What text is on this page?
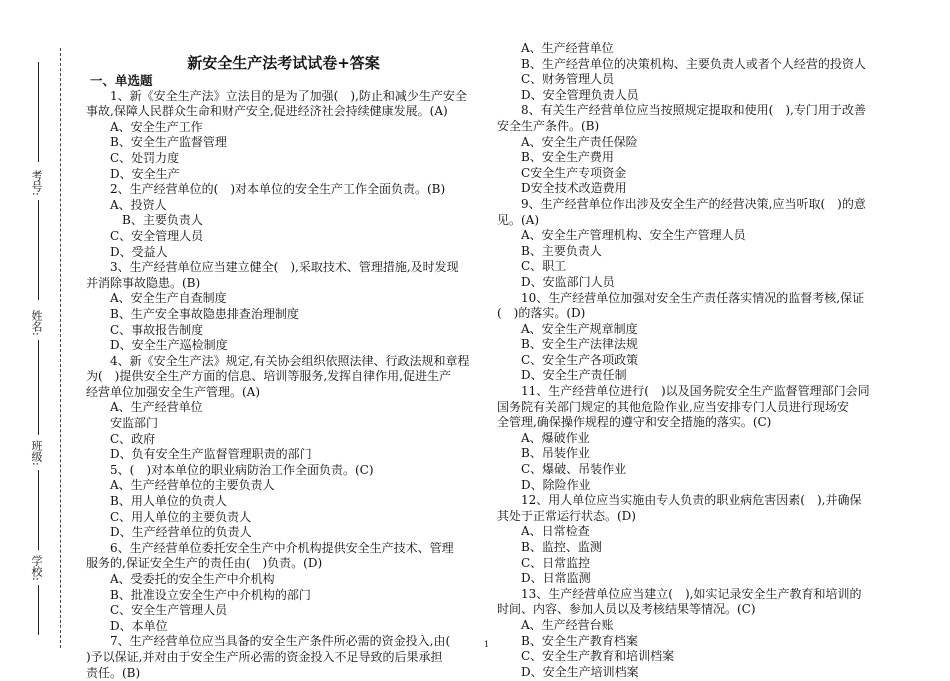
考号:
姓名:
班级:
学校:
新安全生产法考试试卷+答案
一、单选题
　　1、新《安全生产法》立法目的是为了加强(　),防止和减少生产安全
事故,保障人民群众生命和财产安全,促进经济社会持续健康发展。(A)
　　A、安全生产工作
　　B、安全生产监督管理
　　C、处罚力度
　　D、安全生产
　　2、生产经营单位的(　)对本单位的安全生产工作全面负责。(B)
　　A、投资人
　　　B、主要负责人
　　C、安全管理人员
　　D、受益人
　　3、生产经营单位应当建立健全(　),采取技术、管理措施,及时发现
并消除事故隐患。(B)
　　A、安全生产自查制度
　　B、生产安全事故隐患排查治理制度
　　C、事故报告制度
　　D、安全生产巡检制度
　　4、新《安全生产法》规定,有关协会组织依照法律、行政法规和章程
为(　)提供安全生产方面的信息、培训等服务,发挥自律作用,促进生产
经营单位加强安全生产管理。(A)
　　A、生产经营单位
　　安监部门
　　C、政府
　　D、负有安全生产监督管理职责的部门
　　5、(　)对本单位的职业病防治工作全面负责。(C)
　　A、生产经营单位的主要负责人
　　B、用人单位的负责人
　　C、用人单位的主要负责人
　　D、生产经营单位的负责人
　　6、生产经营单位委托安全生产中介机构提供安全生产技术、管理
服务的,保证安全生产的责任由(　)负责。(D)
　　A、受委托的安全生产中介机构
　　B、批准设立安全生产中介机构的部门
　　C、安全生产管理人员
　　D、本单位
　　7、生产经营单位应当具备的安全生产条件所必需的资金投入,由(
)予以保证,并对由于安全生产所必需的资金投入不足导致的后果承担
责任。(B)
　　A、生产经营单位
　　B、生产经营单位的决策机构、主要负责人或者个人经营的投资人
　　C、财务管理人员
　　D、安全管理负责人员
　　8、有关生产经营单位应当按照规定提取和使用(　),专门用于改善
安全生产条件。(B)
　　A、安全生产责任保险
　　B、安全生产费用
　　C安全生产专项资金
　　D安全技术改造费用
　　9、生产经营单位作出涉及安全生产的经营决策,应当听取(　)的意
见。(A)
　　A、安全生产管理机构、安全生产管理人员
　　B、主要负责人
　　C、职工
　　D、安监部门人员
　　10、生产经营单位加强对安全生产责任落实情况的监督考核,保证
(　)的落实。(D)
　　A、安全生产规章制度
　　B、安全生产法律法规
　　C、安全生产各项政策
　　D、安全生产责任制
　　11、生产经营单位进行(　)以及国务院安全生产监督管理部门会同
国务院有关部门规定的其他危险作业,应当安排专门人员进行现场安
全管理,确保操作规程的遵守和安全措施的落实。(C)
　　A、爆破作业
　　B、吊装作业
　　C、爆破、吊装作业
　　D、除险作业
　　12、用人单位应当实施由专人负责的职业病危害因素(　),并确保
其处于正常运行状态。(D)
　　A、日常检查
　　B、监控、监测
　　C、日常监控
　　D、日常监测
　　13、生产经营单位应当建立(　),如实记录安全生产教育和培训的
时间、内容、参加人员以及考核结果等情况。(C)
　　A、生产经营台账
　　B、安全生产教育档案
　　C、安全生产教育和培训档案
　　D、安全生产培训档案
1
